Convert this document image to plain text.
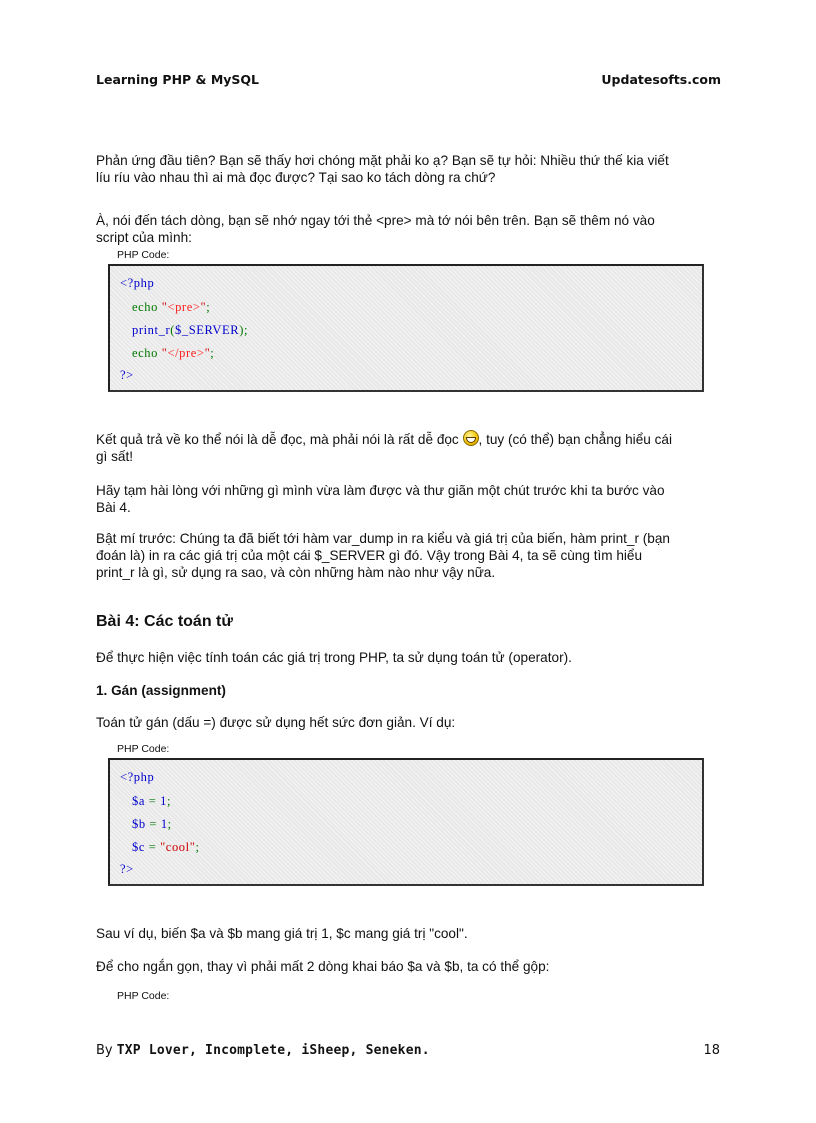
Learning PHP & MySQL	Updatesofts.com

Phản ứng đầu tiên? Bạn sẽ thấy hơi chóng mặt phải ko ạ? Bạn sẽ tự hỏi: Nhiều thứ thế kia viết
líu ríu vào nhau thì ai mà đọc được? Tại sao ko tách dòng ra chứ?

À, nói đến tách dòng, bạn sẽ nhớ ngay tới thẻ <pre> mà tớ nói bên trên. Bạn sẽ thêm nó vào
script của mình:

PHP Code:
<?php
echo "<pre>";
print_r($_SERVER);
echo "</pre>";
?>

Kết quả trả về ko thể nói là dễ đọc, mà phải nói là rất dễ đọc , tuy (có thể) bạn chẳng hiểu cái
gì sất!

Hãy tạm hài lòng với những gì mình vừa làm được và thư giãn một chút trước khi ta bước vào
Bài 4.

Bật mí trước: Chúng ta đã biết tới hàm var_dump in ra kiểu và giá trị của biến, hàm print_r (bạn
đoán là) in ra các giá trị của một cái $_SERVER gì đó. Vậy trong Bài 4, ta sẽ cùng tìm hiểu
print_r là gì, sử dụng ra sao, và còn những hàm nào như vậy nữa.

Bài 4: Các toán tử

Để thực hiện việc tính toán các giá trị trong PHP, ta sử dụng toán tử (operator).

1. Gán (assignment)

Toán tử gán (dấu =) được sử dụng hết sức đơn giản. Ví dụ:

PHP Code:
<?php
$a = 1;
$b = 1;
$c = "cool";
?>

Sau ví dụ, biến $a và $b mang giá trị 1, $c mang giá trị "cool".

Để cho ngắn gọn, thay vì phải mất 2 dòng khai báo $a và $b, ta có thể gộp:

PHP Code:
By TXP Lover, Incomplete, iSheep, Seneken.	18
